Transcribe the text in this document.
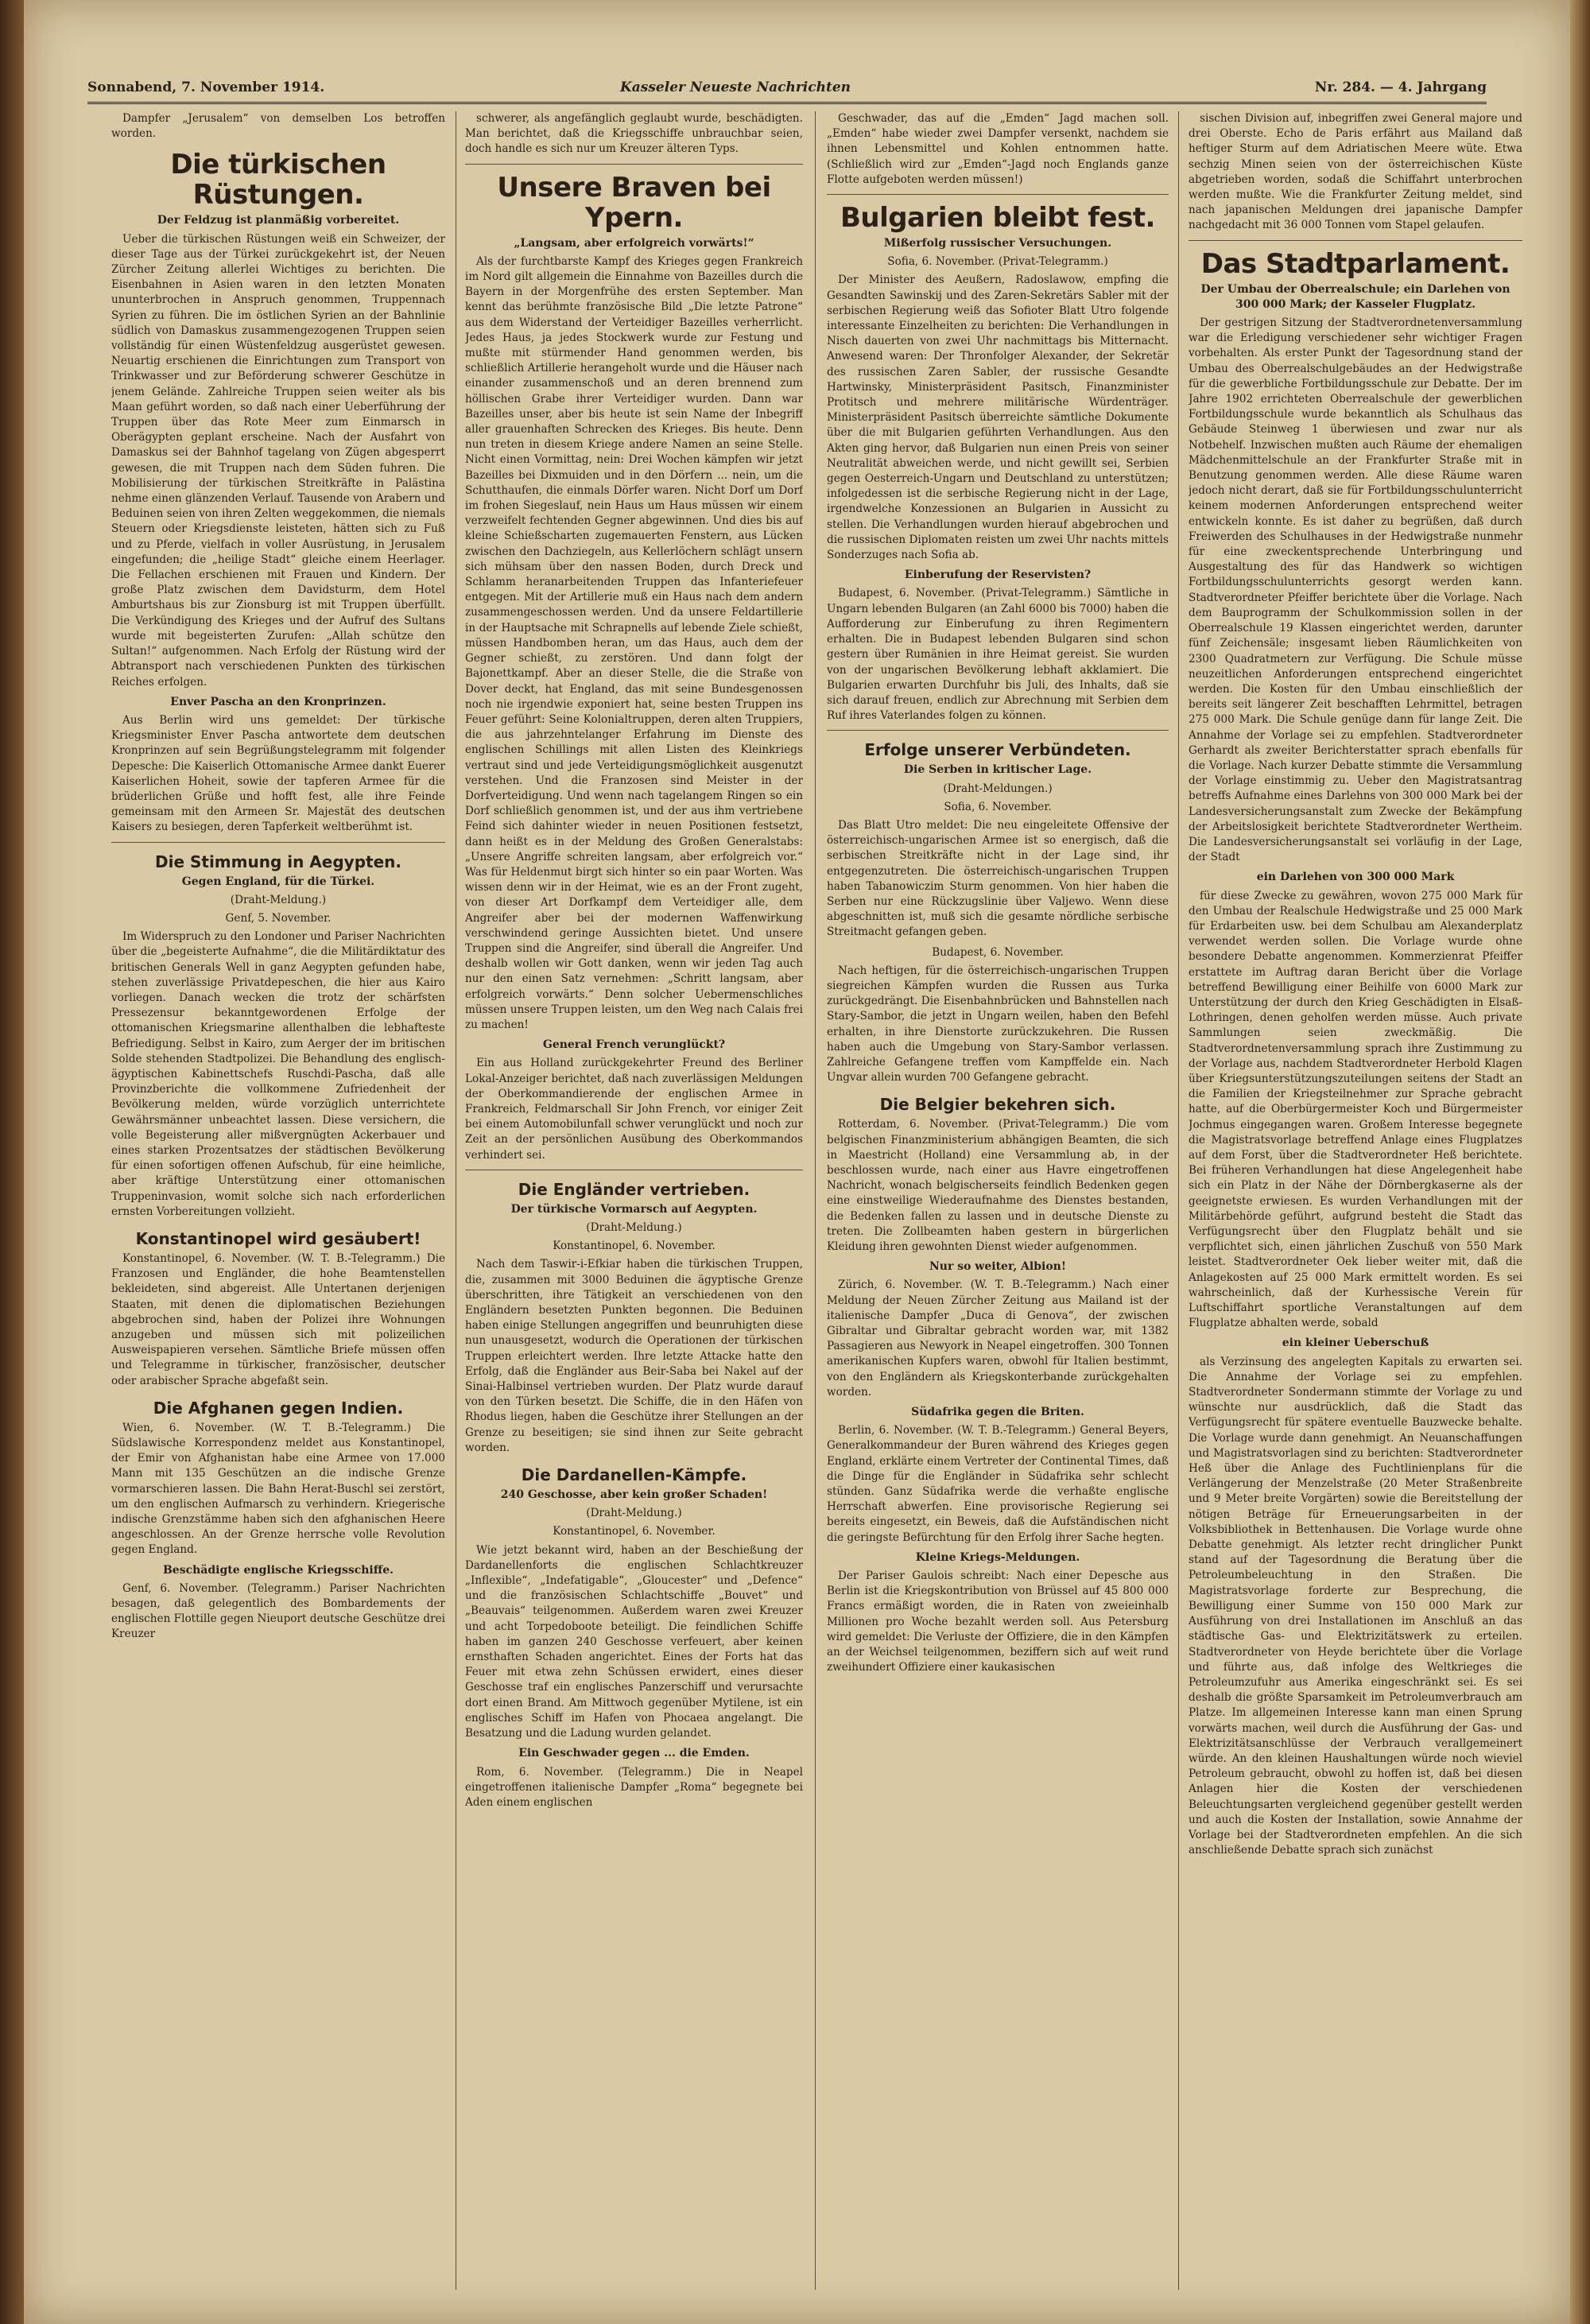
Sonnabend, 7. November 1914.	Kasseler Neueste Nachrichten	Nr. 284. — 4. Jahrgang

Dampfer „Jerusalem“ von demselben Los betroffen worden.

Die türkischen Rüstungen.
Der Feldzug ist planmäßig vorbereitet.

Ueber die türkischen Rüstungen weiß ein Schweizer, der dieser Tage aus der Türkei zurückgekehrt ist, der Neuen Zürcher Zeitung allerlei Wichtiges zu berichten. Die Eisenbahnen in Asien waren in den letzten Monaten ununterbrochen in Anspruch genommen, Truppennach Syrien zu führen. Die im östlichen Syrien an der Bahnlinie südlich von Damaskus zusammengezogenen Truppen seien vollständig für einen Wüstenfeldzug ausgerüstet gewesen. Neuartig erschienen die Einrichtungen zum Transport von Trinkwasser und zur Beförderung schwerer Geschütze in jenem Gelände. Zahlreiche Truppen seien weiter als bis Maan geführt worden, so daß nach einer Ueberführung der Truppen über das Rote Meer zum Einmarsch in Oberägypten geplant erscheine. Nach der Ausfahrt von Damaskus sei der Bahnhof tagelang von Zügen abgesperrt gewesen, die mit Truppen nach dem Süden fuhren. Die Mobilisierung der türkischen Streitkräfte in Palästina nehme einen glänzenden Verlauf. Tausende von Arabern und Beduinen seien von ihren Zelten weggekommen, die niemals Steuern oder Kriegsdienste leisteten, hätten sich zu Fuß und zu Pferde, vielfach in voller Ausrüstung, in Jerusalem eingefunden; die „heilige Stadt“ gleiche einem Heerlager. Die Fellachen erschienen mit Frauen und Kindern. Der große Platz zwischen dem Davidsturm, dem Hotel Amburtshaus bis zur Zionsburg ist mit Truppen überfüllt. Die Verkündigung des Krieges und der Aufruf des Sultans wurde mit begeisterten Zurufen: „Allah schütze den Sultan!“ aufgenommen. Nach Erfolg der Rüstung wird der Abtransport nach verschiedenen Punkten des türkischen Reiches erfolgen.

Enver Pascha an den Kronprinzen.

Aus Berlin wird uns gemeldet: Der türkische Kriegsminister Enver Pascha antwortete dem deutschen Kronprinzen auf sein Begrüßungstelegramm mit folgender Depesche: Die Kaiserlich Ottomanische Armee dankt Euerer Kaiserlichen Hoheit, sowie der tapferen Armee für die brüderlichen Grüße und hofft fest, alle ihre Feinde gemeinsam mit den Armeen Sr. Majestät des deutschen Kaisers zu besiegen, deren Tapferkeit weltberühmt ist.

Die Stimmung in Aegypten.
Gegen England, für die Türkei.
(Draht-Meldung.)
Genf, 5. November.

Im Widerspruch zu den Londoner und Pariser Nachrichten über die „begeisterte Aufnahme“, die die Militärdiktatur des britischen Generals Well in ganz Aegypten gefunden habe, stehen zuverlässige Privatdepeschen, die hier aus Kairo vorliegen. Danach wecken die trotz der schärfsten Pressezensur bekanntgewordenen Erfolge der ottomanischen Kriegsmarine allenthalben die lebhafteste Befriedigung. Selbst in Kairo, zum Aerger der im britischen Solde stehenden Stadtpolizei. Die Behandlung des englisch-ägyptischen Kabinettschefs Ruschdi-Pascha, daß alle Provinzberichte die vollkommene Zufriedenheit der Bevölkerung melden, würde vorzüglich unterrichtete Gewährsmänner unbeachtet lassen. Diese versichern, die volle Begeisterung aller mißvergnügten Ackerbauer und eines starken Prozentsatzes der städtischen Bevölkerung für einen sofortigen offenen Aufschub, für eine heimliche, aber kräftige Unterstützung einer ottomanischen Truppeninvasion, womit solche sich nach erforderlichen ernsten Vorbereitungen vollzieht.

Konstantinopel wird gesäubert!

Konstantinopel, 6. November. (W. T. B.-Telegramm.) Die Franzosen und Engländer, die hohe Beamtenstellen bekleideten, sind abgereist. Alle Untertanen derjenigen Staaten, mit denen die diplomatischen Beziehungen abgebrochen sind, haben der Polizei ihre Wohnungen anzugeben und müssen sich mit polizeilichen Ausweispapieren versehen. Sämtliche Briefe müssen offen und Telegramme in türkischer, französischer, deutscher oder arabischer Sprache abgefaßt sein.

Die Afghanen gegen Indien.

Wien, 6. November. (W. T. B.-Telegramm.) Die Südslawische Korrespondenz meldet aus Konstantinopel, der Emir von Afghanistan habe eine Armee von 17.000 Mann mit 135 Geschützen an die indische Grenze vormarschieren lassen. Die Bahn Herat-Buschl sei zerstört, um den englischen Aufmarsch zu verhindern. Kriegerische indische Grenzstämme haben sich den afghanischen Heere angeschlossen. An der Grenze herrsche volle Revolution gegen England.

Beschädigte englische Kriegsschiffe.

Genf, 6. November. (Telegramm.) Pariser Nachrichten besagen, daß gelegentlich des Bombardements der englischen Flottille gegen Nieuport deutsche Geschütze drei Kreuzer

schwerer, als angefänglich geglaubt wurde, beschädigten. Man berichtet, daß die Kriegsschiffe unbrauchbar seien, doch handle es sich nur um Kreuzer älteren Typs.

Unsere Braven bei Ypern.
„Langsam, aber erfolgreich vorwärts!“

Als der furchtbarste Kampf des Krieges gegen Frankreich im Nord gilt allgemein die Einnahme von Bazeilles durch die Bayern in der Morgenfrühe des ersten September. Man kennt das berühmte französische Bild „Die letzte Patrone“ aus dem Widerstand der Verteidiger Bazeilles verherrlicht. Jedes Haus, ja jedes Stockwerk wurde zur Festung und mußte mit stürmender Hand genommen werden, bis schließlich Artillerie herangeholt wurde und die Häuser nach einander zusammenschoß und an deren brennend zum höllischen Grabe ihrer Verteidiger wurden. Dann war Bazeilles unser, aber bis heute ist sein Name der Inbegriff aller grauenhaften Schrecken des Krieges. Bis heute. Denn nun treten in diesem Kriege andere Namen an seine Stelle. Nicht einen Vormittag, nein: Drei Wochen kämpfen wir jetzt Bazeilles bei Dixmuiden und in den Dörfern ... nein, um die Schutthaufen, die einmals Dörfer waren. Nicht Dorf um Dorf im frohen Siegeslauf, nein Haus um Haus müssen wir einem verzweifelt fechtenden Gegner abgewinnen. Und dies bis auf kleine Schießscharten zugemauerten Fenstern, aus Lücken zwischen den Dachziegeln, aus Kellerlöchern schlägt unsern sich mühsam über den nassen Boden, durch Dreck und Schlamm heranarbeitenden Truppen das Infanteriefeuer entgegen. Mit der Artillerie muß ein Haus nach dem andern zusammengeschossen werden. Und da unsere Feldartillerie in der Hauptsache mit Schrapnells auf lebende Ziele schießt, müssen Handbomben heran, um das Haus, auch dem der Gegner schießt, zu zerstören. Und dann folgt der Bajonettkampf. Aber an dieser Stelle, die die Straße von Dover deckt, hat England, das mit seine Bundesgenossen noch nie irgendwie exponiert hat, seine besten Truppen ins Feuer geführt: Seine Kolonialtruppen, deren alten Truppiers, die aus jahrzehntelanger Erfahrung im Dienste des englischen Schillings mit allen Listen des Kleinkriegs vertraut sind und jede Verteidigungsmöglichkeit ausgenutzt verstehen. Und die Franzosen sind Meister in der Dorfverteidigung. Und wenn nach tagelangem Ringen so ein Dorf schließlich genommen ist, und der aus ihm vertriebene Feind sich dahinter wieder in neuen Positionen festsetzt, dann heißt es in der Meldung des Großen Generalstabs: „Unsere Angriffe schreiten langsam, aber erfolgreich vor.“ Was für Heldenmut birgt sich hinter so ein paar Worten. Was wissen denn wir in der Heimat, wie es an der Front zugeht, von dieser Art Dorfkampf dem Verteidiger alle, dem Angreifer aber bei der modernen Waffenwirkung verschwindend geringe Aussichten bietet. Und unsere Truppen sind die Angreifer, sind überall die Angreifer. Und deshalb wollen wir Gott danken, wenn wir jeden Tag auch nur den einen Satz vernehmen: „Schritt langsam, aber erfolgreich vorwärts.“ Denn solcher Uebermenschliches müssen unsere Truppen leisten, um den Weg nach Calais frei zu machen!

General French verunglückt?

Ein aus Holland zurückgekehrter Freund des Berliner Lokal-Anzeiger berichtet, daß nach zuverlässigen Meldungen der Oberkommandierende der englischen Armee in Frankreich, Feldmarschall Sir John French, vor einiger Zeit bei einem Automobilunfall schwer verunglückt und noch zur Zeit an der persönlichen Ausübung des Oberkommandos verhindert sei.

Die Engländer vertrieben.
Der türkische Vormarsch auf Aegypten.
(Draht-Meldung.)
Konstantinopel, 6. November.

Nach dem Taswir-i-Efkiar haben die türkischen Truppen, die, zusammen mit 3000 Beduinen die ägyptische Grenze überschritten, ihre Tätigkeit an verschiedenen von den Engländern besetzten Punkten begonnen. Die Beduinen haben einige Stellungen angegriffen und beunruhigten diese nun unausgesetzt, wodurch die Operationen der türkischen Truppen erleichtert werden. Ihre letzte Attacke hatte den Erfolg, daß die Engländer aus Beir-Saba bei Nakel auf der Sinai-Halbinsel vertrieben wurden. Der Platz wurde darauf von den Türken besetzt. Die Schiffe, die in den Häfen von Rhodus liegen, haben die Geschütze ihrer Stellungen an der Grenze zu beseitigen; sie sind ihnen zur Seite gebracht worden.

Die Dardanellen-Kämpfe.
240 Geschosse, aber kein großer Schaden!
(Draht-Meldung.)
Konstantinopel, 6. November.

Wie jetzt bekannt wird, haben an der Beschießung der Dardanellenforts die englischen Schlachtkreuzer „Inflexible“, „Indefatigable“, „Gloucester“ und „Defence“ und die französischen Schlachtschiffe „Bouvet“ und „Beauvais“ teilgenommen. Außerdem waren zwei Kreuzer und acht Torpedoboote beteiligt. Die feindlichen Schiffe haben im ganzen 240 Geschosse verfeuert, aber keinen ernsthaften Schaden angerichtet. Eines der Forts hat das Feuer mit etwa zehn Schüssen erwidert, eines dieser Geschosse traf ein englisches Panzerschiff und verursachte dort einen Brand. Am Mittwoch gegenüber Mytilene, ist ein englisches Schiff im Hafen von Phocaea angelangt. Die Besatzung und die Ladung wurden gelandet.

Ein Geschwader gegen ... die Emden.

Rom, 6. November. (Telegramm.) Die in Neapel eingetroffenen italienische Dampfer „Roma“ begegnete bei Aden einem englischen

Geschwader, das auf die „Emden“ Jagd machen soll. „Emden“ habe wieder zwei Dampfer versenkt, nachdem sie ihnen Lebensmittel und Kohlen entnommen hatte. (Schließlich wird zur „Emden“-Jagd noch Englands ganze Flotte aufgeboten werden müssen!)

Bulgarien bleibt fest.
Mißerfolg russischer Versuchungen.
Sofia, 6. November. (Privat-Telegramm.)

Der Minister des Aeußern, Radoslawow, empfing die Gesandten Sawinskij und des Zaren-Sekretärs Sabler mit der serbischen Regierung weiß das Sofioter Blatt Utro folgende interessante Einzelheiten zu berichten: Die Verhandlungen in Nisch dauerten von zwei Uhr nachmittags bis Mitternacht. Anwesend waren: Der Thronfolger Alexander, der Sekretär des russischen Zaren Sabler, der russische Gesandte Hartwinsky, Ministerpräsident Pasitsch, Finanzminister Protitsch und mehrere militärische Würdenträger. Ministerpräsident Pasitsch überreichte sämtliche Dokumente über die mit Bulgarien geführten Verhandlungen. Aus den Akten ging hervor, daß Bulgarien nun einen Preis von seiner Neutralität abweichen werde, und nicht gewillt sei, Serbien gegen Oesterreich-Ungarn und Deutschland zu unterstützen; infolgedessen ist die serbische Regierung nicht in der Lage, irgendwelche Konzessionen an Bulgarien in Aussicht zu stellen. Die Verhandlungen wurden hierauf abgebrochen und die russischen Diplomaten reisten um zwei Uhr nachts mittels Sonderzuges nach Sofia ab.

Einberufung der Reservisten?

Budapest, 6. November. (Privat-Telegramm.) Sämtliche in Ungarn lebenden Bulgaren (an Zahl 6000 bis 7000) haben die Aufforderung zur Einberufung zu ihren Regimentern erhalten. Die in Budapest lebenden Bulgaren sind schon gestern über Rumänien in ihre Heimat gereist. Sie wurden von der ungarischen Bevölkerung lebhaft akklamiert. Die Bulgarien erwarten Durchfuhr bis Juli, des Inhalts, daß sie sich darauf freuen, endlich zur Abrechnung mit Serbien dem Ruf ihres Vaterlandes folgen zu können.

Erfolge unserer Verbündeten.
Die Serben in kritischer Lage.
(Draht-Meldungen.)
Sofia, 6. November.

Das Blatt Utro meldet: Die neu eingeleitete Offensive der österreichisch-ungarischen Armee ist so energisch, daß die serbischen Streitkräfte nicht in der Lage sind, ihr entgegenzutreten. Die österreichisch-ungarischen Truppen haben Tabanowiczim Sturm genommen. Von hier haben die Serben nur eine Rückzugslinie über Valjewo. Wenn diese abgeschnitten ist, muß sich die gesamte nördliche serbische Streitmacht gefangen geben.

Budapest, 6. November.

Nach heftigen, für die österreichisch-ungarischen Truppen siegreichen Kämpfen wurden die Russen aus Turka zurückgedrängt. Die Eisenbahnbrücken und Bahnstellen nach Stary-Sambor, die jetzt in Ungarn weilen, haben den Befehl erhalten, in ihre Dienstorte zurückzukehren. Die Russen haben auch die Umgebung von Stary-Sambor verlassen. Zahlreiche Gefangene treffen vom Kampffelde ein. Nach Ungvar allein wurden 700 Gefangene gebracht.

Die Belgier bekehren sich.

Rotterdam, 6. November. (Privat-Telegramm.) Die vom belgischen Finanzministerium abhängigen Beamten, die sich in Maestricht (Holland) eine Versammlung ab, in der beschlossen wurde, nach einer aus Havre eingetroffenen Nachricht, wonach belgischerseits feindlich Bedenken gegen eine einstweilige Wiederaufnahme des Dienstes bestanden, die Bedenken fallen zu lassen und in deutsche Dienste zu treten. Die Zollbeamten haben gestern in bürgerlichen Kleidung ihren gewohnten Dienst wieder aufgenommen.

Nur so weiter, Albion!

Zürich, 6. November. (W. T. B.-Telegramm.) Nach einer Meldung der Neuen Zürcher Zeitung aus Mailand ist der italienische Dampfer „Duca di Genova“, der zwischen Gibraltar und Gibraltar gebracht worden war, mit 1382 Passagieren aus Newyork in Neapel eingetroffen. 300 Tonnen amerikanischen Kupfers waren, obwohl für Italien bestimmt, von den Engländern als Kriegskonterbande zurückgehalten worden.

Südafrika gegen die Briten.

Berlin, 6. November. (W. T. B.-Telegramm.) General Beyers, Generalkommandeur der Buren während des Krieges gegen England, erklärte einem Vertreter der Continental Times, daß die Dinge für die Engländer in Südafrika sehr schlecht stünden. Ganz Südafrika werde die verhaßte englische Herrschaft abwerfen. Eine provisorische Regierung sei bereits eingesetzt, ein Beweis, daß die Aufständischen nicht die geringste Befürchtung für den Erfolg ihrer Sache hegten.

Kleine Kriegs-Meldungen.

Der Pariser Gaulois schreibt: Nach einer Depesche aus Berlin ist die Kriegskontribution von Brüssel auf 45 800 000 Francs ermäßigt worden, die in Raten von zweieinhalb Millionen pro Woche bezahlt werden soll. Aus Petersburg wird gemeldet: Die Verluste der Offiziere, die in den Kämpfen an der Weichsel teilgenommen, beziffern sich auf weit rund zweihundert Offiziere einer kaukasischen

sischen Division auf, inbegriffen zwei General majore und drei Oberste. Echo de Paris erfährt aus Mailand daß heftiger Sturm auf dem Adriatischen Meere wüte. Etwa sechzig Minen seien von der österreichischen Küste abgetrieben worden, sodaß die Schiffahrt unterbrochen werden mußte. Wie die Frankfurter Zeitung meldet, sind nach japanischen Meldungen drei japanische Dampfer nachgedacht mit 36 000 Tonnen vom Stapel gelaufen.

Das Stadtparlament.
Der Umbau der Oberrealschule; ein Darlehen von 300 000 Mark; der Kasseler Flugplatz.

Der gestrigen Sitzung der Stadtverordnetenversammlung war die Erledigung verschiedener sehr wichtiger Fragen vorbehalten. Als erster Punkt der Tagesordnung stand der Umbau des Oberrealschulgebäudes an der Hedwigstraße für die gewerbliche Fortbildungsschule zur Debatte. Der im Jahre 1902 errichteten Oberrealschule der gewerblichen Fortbildungsschule wurde bekanntlich als Schulhaus das Gebäude Steinweg 1 überwiesen und zwar nur als Notbehelf. Inzwischen mußten auch Räume der ehemaligen Mädchenmittelschule an der Frankfurter Straße mit in Benutzung genommen werden. Alle diese Räume waren jedoch nicht derart, daß sie für Fortbildungsschulunterricht keinem modernen Anforderungen entsprechend weiter entwickeln konnte. Es ist daher zu begrüßen, daß durch Freiwerden des Schulhauses in der Hedwigstraße nunmehr für eine zweckentsprechende Unterbringung und Ausgestaltung des für das Handwerk so wichtigen Fortbildungsschulunterrichts gesorgt werden kann. Stadtverordneter Pfeiffer berichtete über die Vorlage. Nach dem Bauprogramm der Schulkommission sollen in der Oberrealschule 19 Klassen eingerichtet werden, darunter fünf Zeichensäle; insgesamt lieben Räumlichkeiten von 2300 Quadratmetern zur Verfügung. Die Schule müsse neuzeitlichen Anforderungen entsprechend eingerichtet werden. Die Kosten für den Umbau einschließlich der bereits seit längerer Zeit beschafften Lehrmittel, betragen 275 000 Mark. Die Schule genüge dann für lange Zeit. Die Annahme der Vorlage sei zu empfehlen. Stadtverordneter Gerhardt als zweiter Berichterstatter sprach ebenfalls für die Vorlage. Nach kurzer Debatte stimmte die Versammlung der Vorlage einstimmig zu. Ueber den Magistratsantrag betreffs Aufnahme eines Darlehns von 300 000 Mark bei der Landesversicherungsanstalt zum Zwecke der Bekämpfung der Arbeitslosigkeit berichtete Stadtverordneter Wertheim. Die Landesversicherungsanstalt sei vorläufig in der Lage, der Stadt

ein Darlehen von 300 000 Mark

für diese Zwecke zu gewähren, wovon 275 000 Mark für den Umbau der Realschule Hedwigstraße und 25 000 Mark für Erdarbeiten usw. bei dem Schulbau am Alexanderplatz verwendet werden sollen. Die Vorlage wurde ohne besondere Debatte angenommen. Kommerzienrat Pfeiffer erstattete im Auftrag daran Bericht über die Vorlage betreffend Bewilligung einer Beihilfe von 6000 Mark zur Unterstützung der durch den Krieg Geschädigten in Elsaß-Lothringen, denen geholfen werden müsse. Auch private Sammlungen seien zweckmäßig. Die Stadtverordnetenversammlung sprach ihre Zustimmung zu der Vorlage aus, nachdem Stadtverordneter Herbold Klagen über Kriegsunterstützungszuteilungen seitens der Stadt an die Familien der Kriegsteilnehmer zur Sprache gebracht hatte, auf die Oberbürgermeister Koch und Bürgermeister Jochmus eingegangen waren. Großem Interesse begegnete die Magistratsvorlage betreffend Anlage eines Flugplatzes auf dem Forst, über die Stadtverordneter Heß berichtete. Bei früheren Verhandlungen hat diese Angelegenheit habe sich ein Platz in der Nähe der Dörnbergkaserne als der geeignetste erwiesen. Es wurden Verhandlungen mit der Militärbehörde geführt, aufgrund besteht die Stadt das Verfügungsrecht über den Flugplatz behält und sie verpflichtet sich, einen jährlichen Zuschuß von 550 Mark leistet. Stadtverordneter Oek lieber weiter mit, daß die Anlagekosten auf 25 000 Mark ermittelt worden. Es sei wahrscheinlich, daß der Kurhessische Verein für Luftschiffahrt sportliche Veranstaltungen auf dem Flugplatze abhalten werde, sobald

ein kleiner Ueberschuß

als Verzinsung des angelegten Kapitals zu erwarten sei. Die Annahme der Vorlage sei zu empfehlen. Stadtverordneter Sondermann stimmte der Vorlage zu und wünschte nur ausdrücklich, daß die Stadt das Verfügungsrecht für spätere eventuelle Bauzwecke behalte. Die Vorlage wurde dann genehmigt. An Neuanschaffungen und Magistratsvorlagen sind zu berichten: Stadtverordneter Heß über die Anlage des Fuchtlinienplans für die Verlängerung der Menzelstraße (20 Meter Straßenbreite und 9 Meter breite Vorgärten) sowie die Bereitstellung der nötigen Beträge für Erneuerungsarbeiten in der Volksbibliothek in Bettenhausen. Die Vorlage wurde ohne Debatte genehmigt. Als letzter recht dringlicher Punkt stand auf der Tagesordnung die Beratung über die Petroleumbeleuchtung in den Straßen. Die Magistratsvorlage forderte zur Besprechung, die Bewilligung einer Summe von 150 000 Mark zur Ausführung von drei Installationen im Anschluß an das städtische Gas- und Elektrizitätswerk zu erteilen. Stadtverordneter von Heyde berichtete über die Vorlage und führte aus, daß infolge des Weltkrieges die Petroleumzufuhr aus Amerika eingeschränkt sei. Es sei deshalb die größte Sparsamkeit im Petroleumverbrauch am Platze. Im allgemeinen Interesse kann man einen Sprung vorwärts machen, weil durch die Ausführung der Gas- und Elektrizitätsanschlüsse der Verbrauch verallgemeinert würde. An den kleinen Haushaltungen würde noch wieviel Petroleum gebraucht, obwohl zu hoffen ist, daß bei diesen Anlagen hier die Kosten der verschiedenen Beleuchtungsarten vergleichend gegenüber gestellt werden und auch die Kosten der Installation, sowie Annahme der Vorlage bei der Stadtverordneten empfehlen. An die sich anschließende Debatte sprach sich zunächst
